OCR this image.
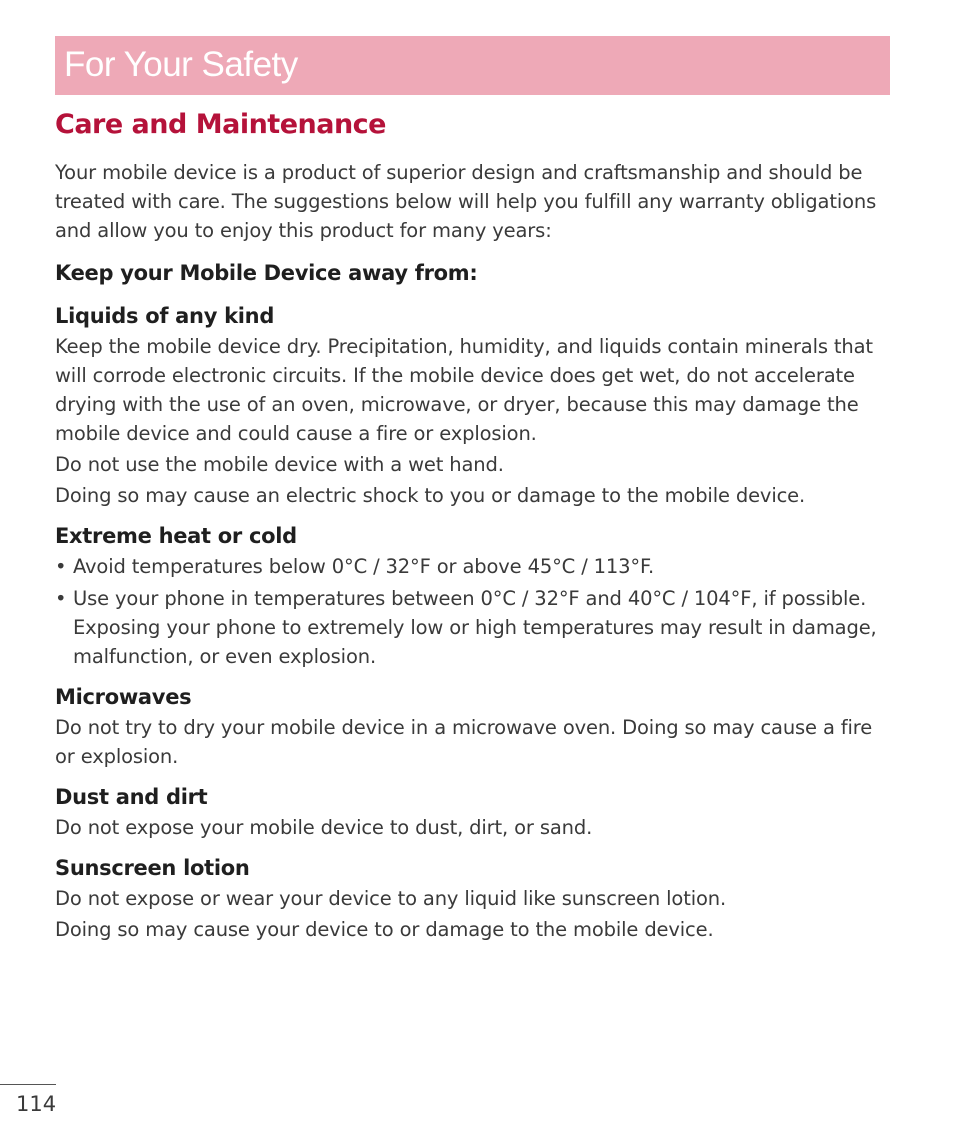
For Your Safety
Care and Maintenance

Your mobile device is a product of superior design and craftsmanship and should be treated with care. The suggestions below will help you fulfill any warranty obligations and allow you to enjoy this product for many years:

Keep your Mobile Device away from:
Liquids of any kind

Keep the mobile device dry. Precipitation, humidity, and liquids contain minerals that will corrode electronic circuits. If the mobile device does get wet, do not accelerate drying with the use of an oven, microwave, or dryer, because this may damage the mobile device and could cause a fire or explosion.

Do not use the mobile device with a wet hand.

Doing so may cause an electric shock to you or damage to the mobile device.

Extreme heat or cold
• Avoid temperatures below 0°C / 32°F or above 45°C / 113°F.
• Use your phone in temperatures between 0°C / 32°F and 40°C / 104°F, if possible. Exposing your phone to extremely low or high temperatures may result in damage, malfunction, or even explosion.
Microwaves

Do not try to dry your mobile device in a microwave oven. Doing so may cause a fire or explosion.

Dust and dirt

Do not expose your mobile device to dust, dirt, or sand.

Sunscreen lotion

Do not expose or wear your device to any liquid like sunscreen lotion.

Doing so may cause your device to or damage to the mobile device.

114
